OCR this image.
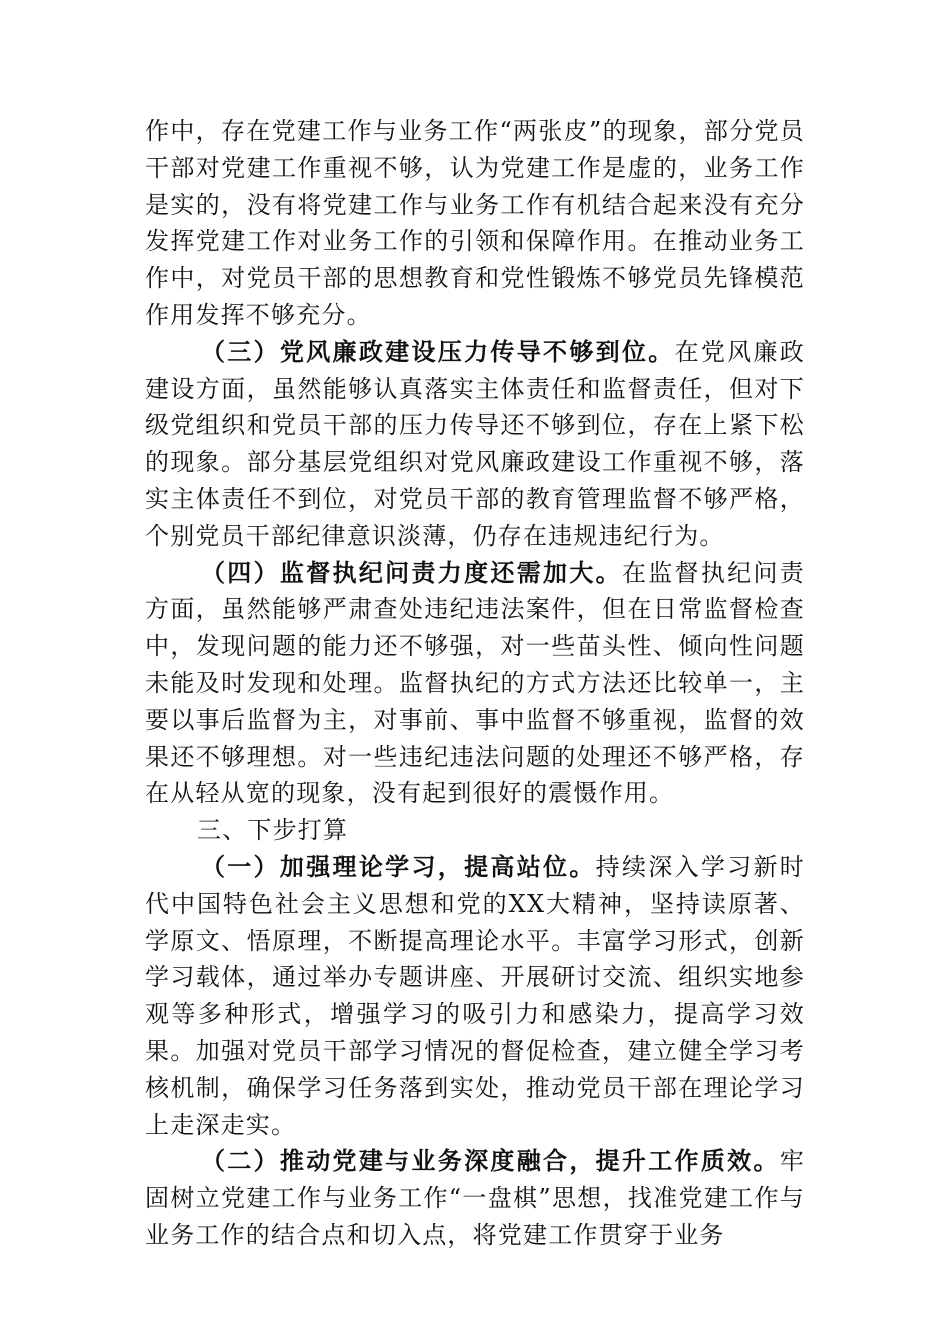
作中，存在党建工作与业务工作“两张皮”的现象，部分党员干部对党建工作重视不够，认为党建工作是虚的，业务工作是实的，没有将党建工作与业务工作有机结合起来没有充分发挥党建工作对业务工作的引领和保障作用。在推动业务工作中，对党员干部的思想教育和党性锻炼不够党员先锋模范作用发挥不够充分。

（三）党风廉政建设压力传导不够到位。在党风廉政建设方面，虽然能够认真落实主体责任和监督责任，但对下级党组织和党员干部的压力传导还不够到位，存在上紧下松的现象。部分基层党组织对党风廉政建设工作重视不够，落实主体责任不到位，对党员干部的教育管理监督不够严格，个别党员干部纪律意识淡薄，仍存在违规违纪行为。

（四）监督执纪问责力度还需加大。在监督执纪问责方面，虽然能够严肃查处违纪违法案件，但在日常监督检查中，发现问题的能力还不够强，对一些苗头性、倾向性问题未能及时发现和处理。监督执纪的方式方法还比较单一，主要以事后监督为主，对事前、事中监督不够重视，监督的效果还不够理想。对一些违纪违法问题的处理还不够严格，存在从轻从宽的现象，没有起到很好的震慑作用。

三、下步打算

（一）加强理论学习，提高站位。持续深入学习新时代中国特色社会主义思想和党的XX大精神，坚持读原著、学原文、悟原理，不断提高理论水平。丰富学习形式，创新学习载体，通过举办专题讲座、开展研讨交流、组织实地参观等多种形式，增强学习的吸引力和感染力，提高学习效果。加强对党员干部学习情况的督促检查，建立健全学习考核机制，确保学习任务落到实处，推动党员干部在理论学习上走深走实。

（二）推动党建与业务深度融合，提升工作质效。牢固树立党建工作与业务工作“一盘棋”思想，找准党建工作与业务工作的结合点和切入点，将党建工作贯穿于业务
